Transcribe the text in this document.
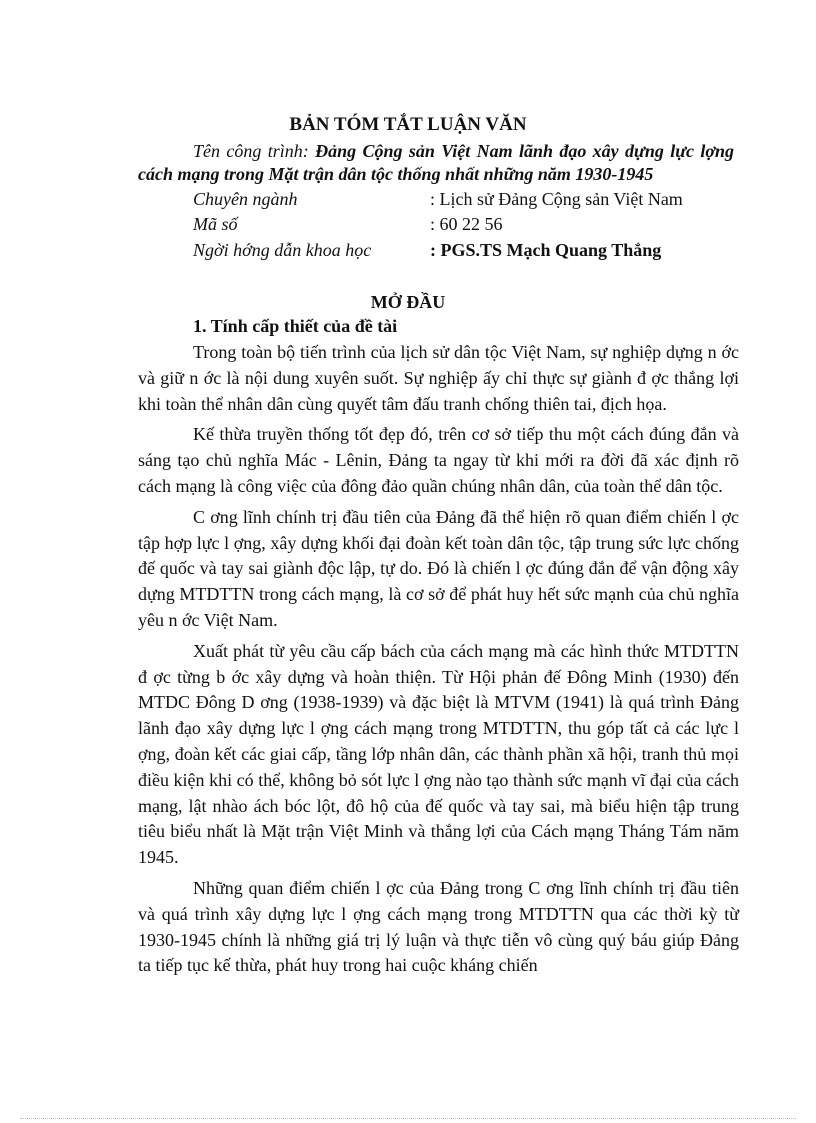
BẢN TÓM TẮT LUẬN VĂN

Tên công trình: Đảng Cộng sản Việt Nam lãnh đạo xây dựng lực lợng cách mạng trong Mặt trận dân tộc thống nhất những năm 1930-1945

Chuyên ngành	: Lịch sử Đảng Cộng sản Việt Nam
Mã số	: 60 22 56
Ngời hớng dẫn khoa học	: PGS.TS Mạch Quang Thắng
MỞ ĐẦU
1. Tính cấp thiết của đề tài

Trong toàn bộ tiến trình của lịch sử dân tộc Việt Nam, sự nghiệp dựng n ớc và giữ n ớc là nội dung xuyên suốt. Sự nghiệp ấy chỉ thực sự giành đ ợc thắng lợi khi toàn thể nhân dân cùng quyết tâm đấu tranh chống thiên tai, địch họa.

Kế thừa truyền thống tốt đẹp đó, trên cơ sở tiếp thu một cách đúng đắn và sáng tạo chủ nghĩa Mác - Lênin, Đảng ta ngay từ khi mới ra đời đã xác định rõ cách mạng là công việc của đông đảo quần chúng nhân dân, của toàn thể dân tộc.

C ơng lĩnh chính trị đầu tiên của Đảng đã thể hiện rõ quan điểm chiến l ợc tập hợp lực l ợng, xây dựng khối đại đoàn kết toàn dân tộc, tập trung sức lực chống đế quốc và tay sai giành độc lập, tự do. Đó là chiến l ợc đúng đắn để vận động xây dựng MTDTTN trong cách mạng, là cơ sở để phát huy hết sức mạnh của chủ nghĩa yêu n ớc Việt Nam.

Xuất phát từ yêu cầu cấp bách của cách mạng mà các hình thức MTDTTN đ ợc từng b ớc xây dựng và hoàn thiện. Từ Hội phản đế Đông Minh (1930) đến MTDC Đông D ơng (1938-1939) và đặc biệt là MTVM (1941) là quá trình Đảng lãnh đạo xây dựng lực l ợng cách mạng trong MTDTTN, thu góp tất cả các lực l ợng, đoàn kết các giai cấp, tầng lớp nhân dân, các thành phần xã hội, tranh thủ mọi điều kiện khi có thể, không bỏ sót lực l ợng nào tạo thành sức mạnh vĩ đại của cách mạng, lật nhào ách bóc lột, đô hộ của đế quốc và tay sai, mà biểu hiện tập trung tiêu biểu nhất là Mặt trận Việt Minh và thắng lợi của Cách mạng Tháng Tám năm 1945.

Những quan điểm chiến l ợc của Đảng trong C ơng lĩnh chính trị đầu tiên và quá trình xây dựng lực l ợng cách mạng trong MTDTTN qua các thời kỳ từ 1930-1945 chính là những giá trị lý luận và thực tiễn vô cùng quý báu giúp Đảng ta tiếp tục kế thừa, phát huy trong hai cuộc kháng chiến
